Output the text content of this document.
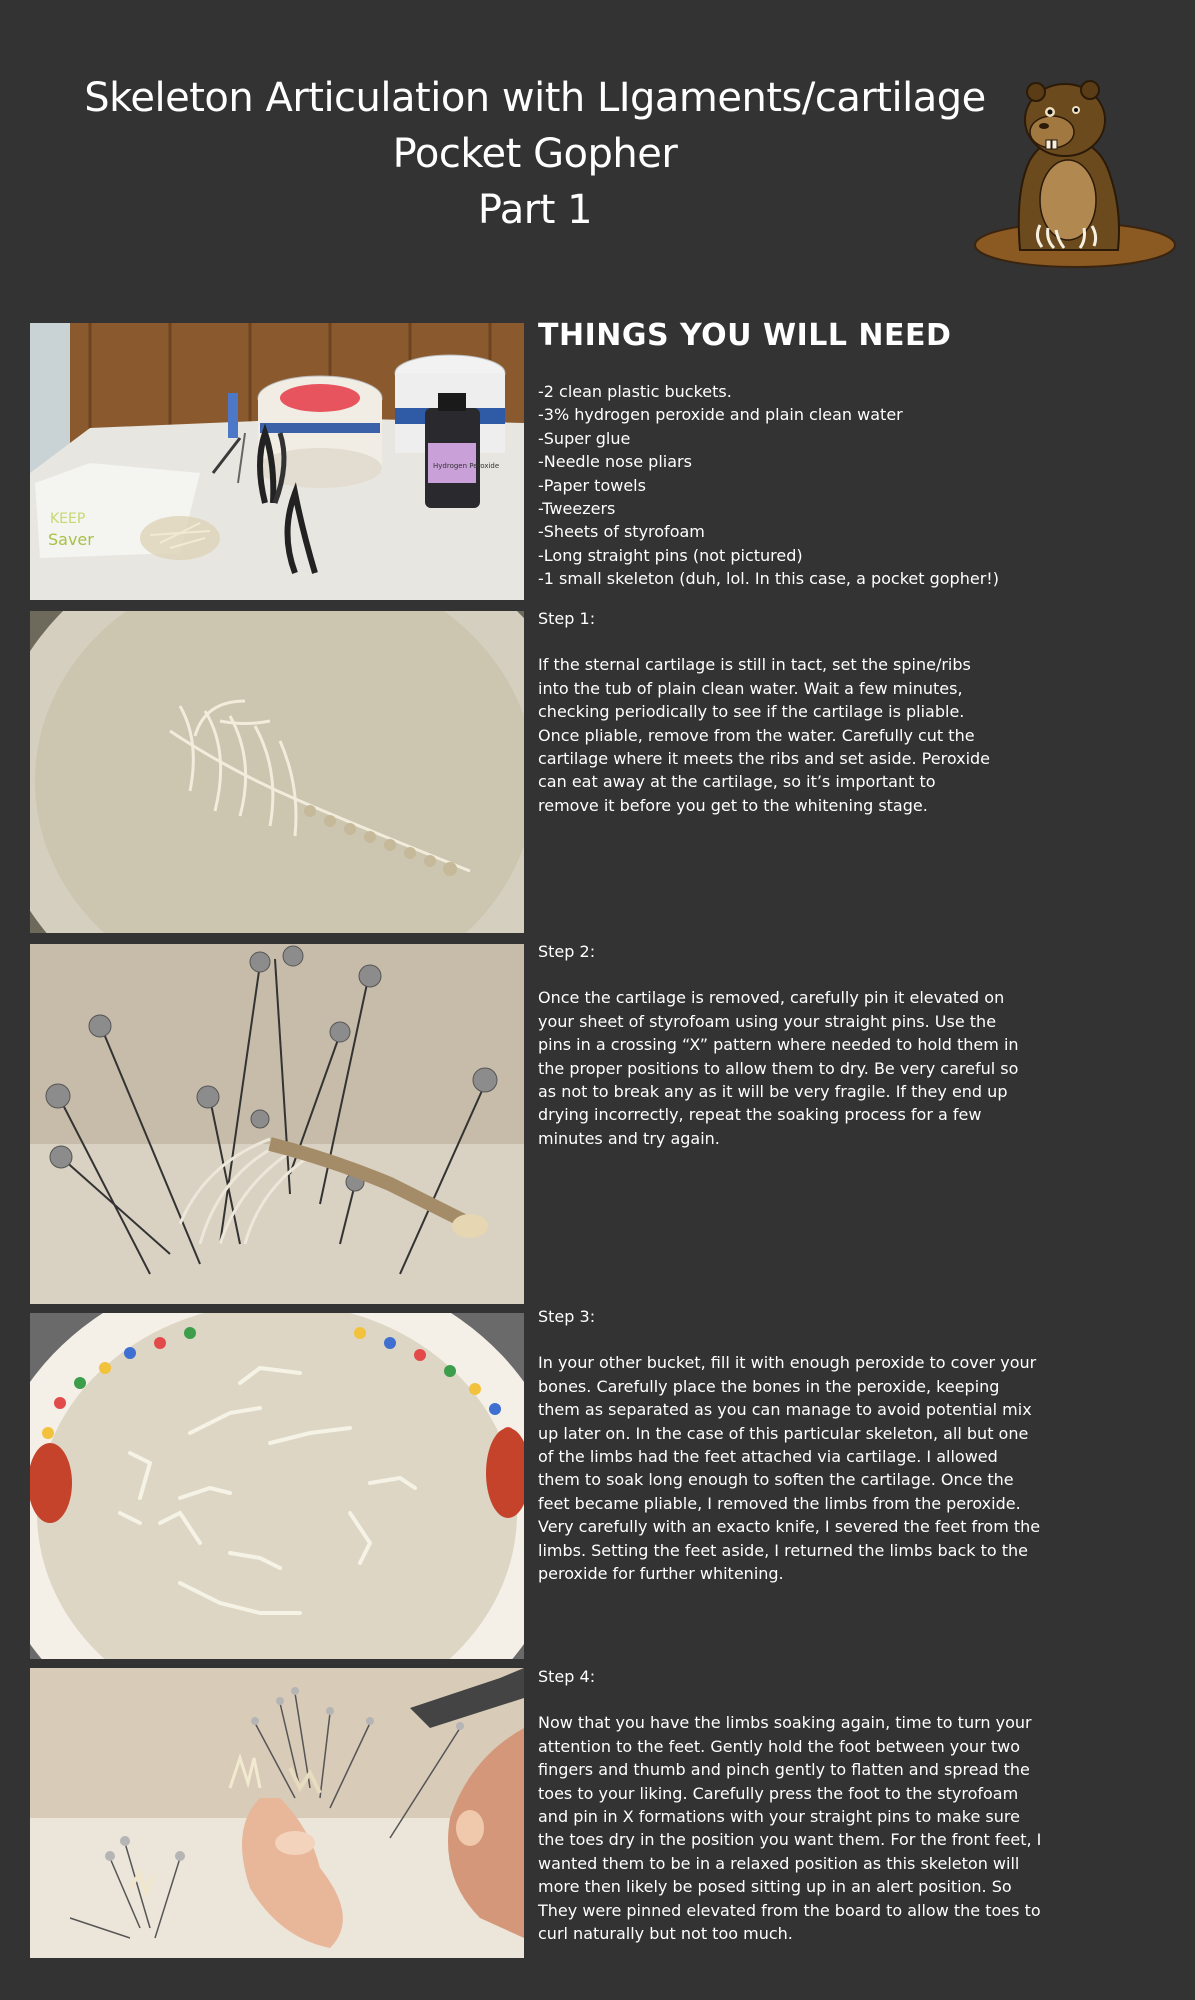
Skeleton Articulation with LIgaments/cartilage
Pocket Gopher
Part 1
KEEP
Saver
Hydrogen Peroxide
THINGS YOU WILL NEED
-2 clean plastic buckets.
-3% hydrogen peroxide and plain clean water
-Super glue
-Needle nose pliars
-Paper towels
-Tweezers
-Sheets of styrofoam
-Long straight pins (not pictured)
-1 small skeleton (duh, lol. In this case, a pocket gopher!)
Step 1:
If the sternal cartilage is still in tact, set the spine/ribs into the tub of plain clean water. Wait a few minutes, checking periodically to see if the cartilage is pliable. Once pliable, remove from the water. Carefully cut the cartilage where it meets the ribs and set aside. Peroxide can eat away at the cartilage, so it’s important to remove it before you get to the whitening stage.
Step 2:
Once the cartilage is removed, carefully pin it elevated on your sheet of styrofoam using your straight pins. Use the pins in a crossing “X” pattern where needed to hold them in the proper positions to allow them to dry. Be very careful so as not to break any as it will be very fragile. If they end up drying incorrectly, repeat the soaking process for a few minutes and try again.
Step 3:
In your other bucket, fill it with enough peroxide to cover your bones. Carefully place the bones in the peroxide, keeping them as separated as you can manage to avoid potential mix up later on. In the case of this particular skeleton, all but one of the limbs had the feet attached via cartilage. I allowed them to soak long enough to soften the cartilage. Once the feet became pliable, I removed the limbs from the peroxide. Very carefully with an exacto knife, I severed the feet from the limbs. Setting the feet aside, I returned the limbs back to the peroxide for further whitening.
Step 4:
Now that you have the limbs soaking again, time to turn your attention to the feet. Gently hold the foot between your two fingers and thumb and pinch gently to flatten and spread the toes to your liking. Carefully press the foot to the styrofoam and pin in X formations with your straight pins to make sure the toes dry in the position you want them. For the front feet, I wanted them to be in a relaxed position as this skeleton will more then likely be posed sitting up in an alert position. So They were pinned elevated from the board to allow the toes to curl naturally but not too much.
